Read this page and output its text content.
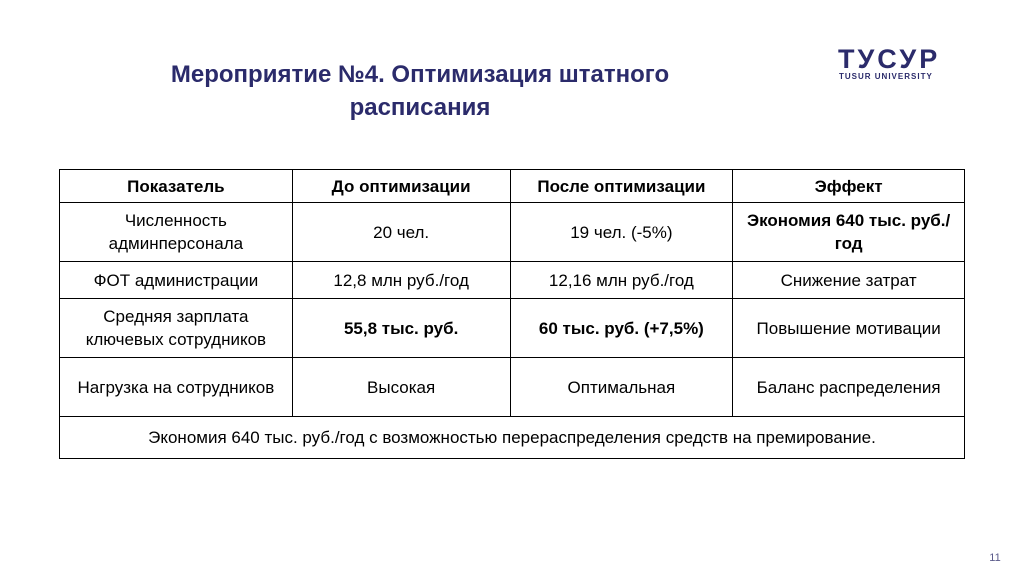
Мероприятие №4. Оптимизация штатного
расписания
ТУСУР
TUSUR UNIVERSITY
Показатель	До оптимизации	После оптимизации	Эффект
Численность админперсонала	20 чел.	19 чел. (-5%)	Экономия 640 тыс. руб./год
ФОТ администрации	12,8 млн руб./год	12,16 млн руб./год	Снижение затрат
Средняя зарплата ключевых сотрудников	55,8 тыс. руб.	60 тыс. руб. (+7,5%)	Повышение мотивации
Нагрузка на сотрудников	Высокая	Оптимальная	Баланс распределения
Экономия 640 тыс. руб./год с возможностью перераспределения средств на премирование.			
11
